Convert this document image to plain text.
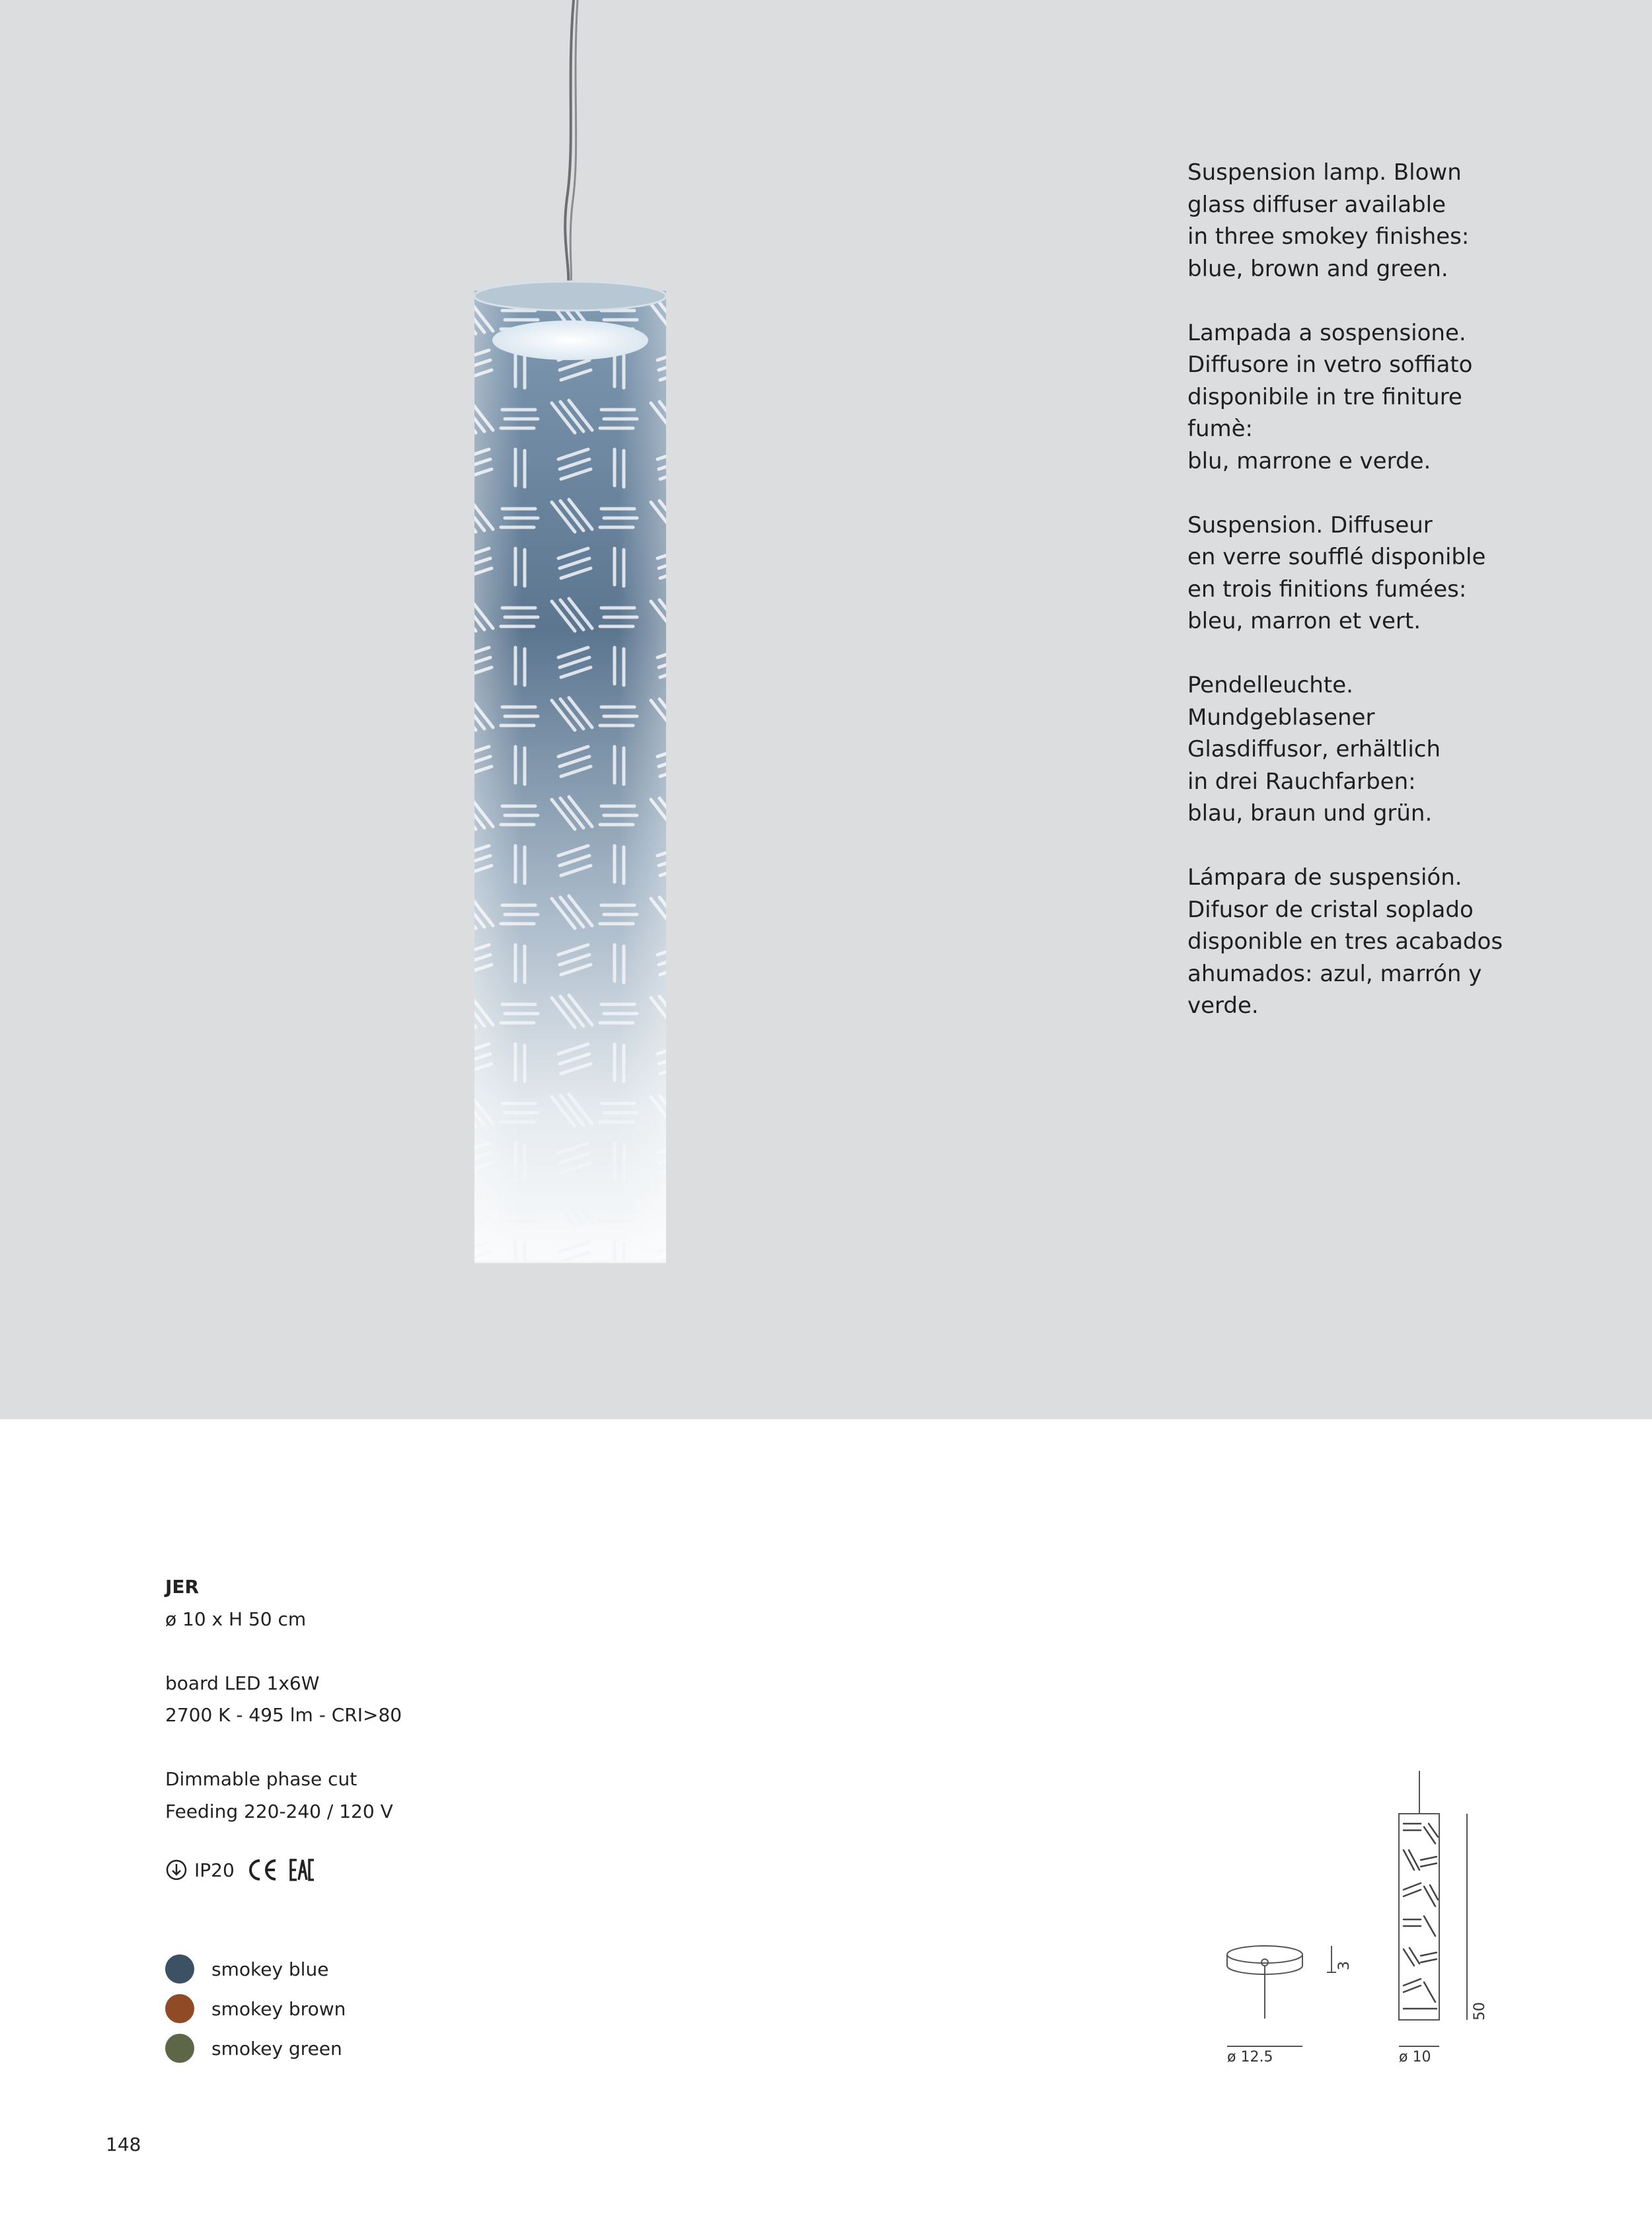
Suspension lamp. Blown
glass diffuser available
in three smokey finishes:
blue, brown and green.

Lampada a sospensione.
Diffusore in vetro soffiato
disponibile in tre finiture
fumè:
blu, marrone e verde.

Suspension. Diffuseur
en verre soufflé disponible
en trois finitions fumées:
bleu, marron et vert.

Pendelleuchte.
Mundgeblasener
Glasdiffusor, erhältlich
in drei Rauchfarben:
blau, braun und grün.

Lámpara de suspensión.
Difusor de cristal soplado
disponible en tres acabados
ahumados: azul, marrón y
verde.

JER
ø 10 x H 50 cm
board LED 1x6W
2700 K - 495 lm - CRI>80
Dimmable phase cut
Feeding 220-240 / 120 V
IP20
CE	EAC
smokey blue
smokey brown
smokey green	ø 12.5
3
ø 10
50
148
